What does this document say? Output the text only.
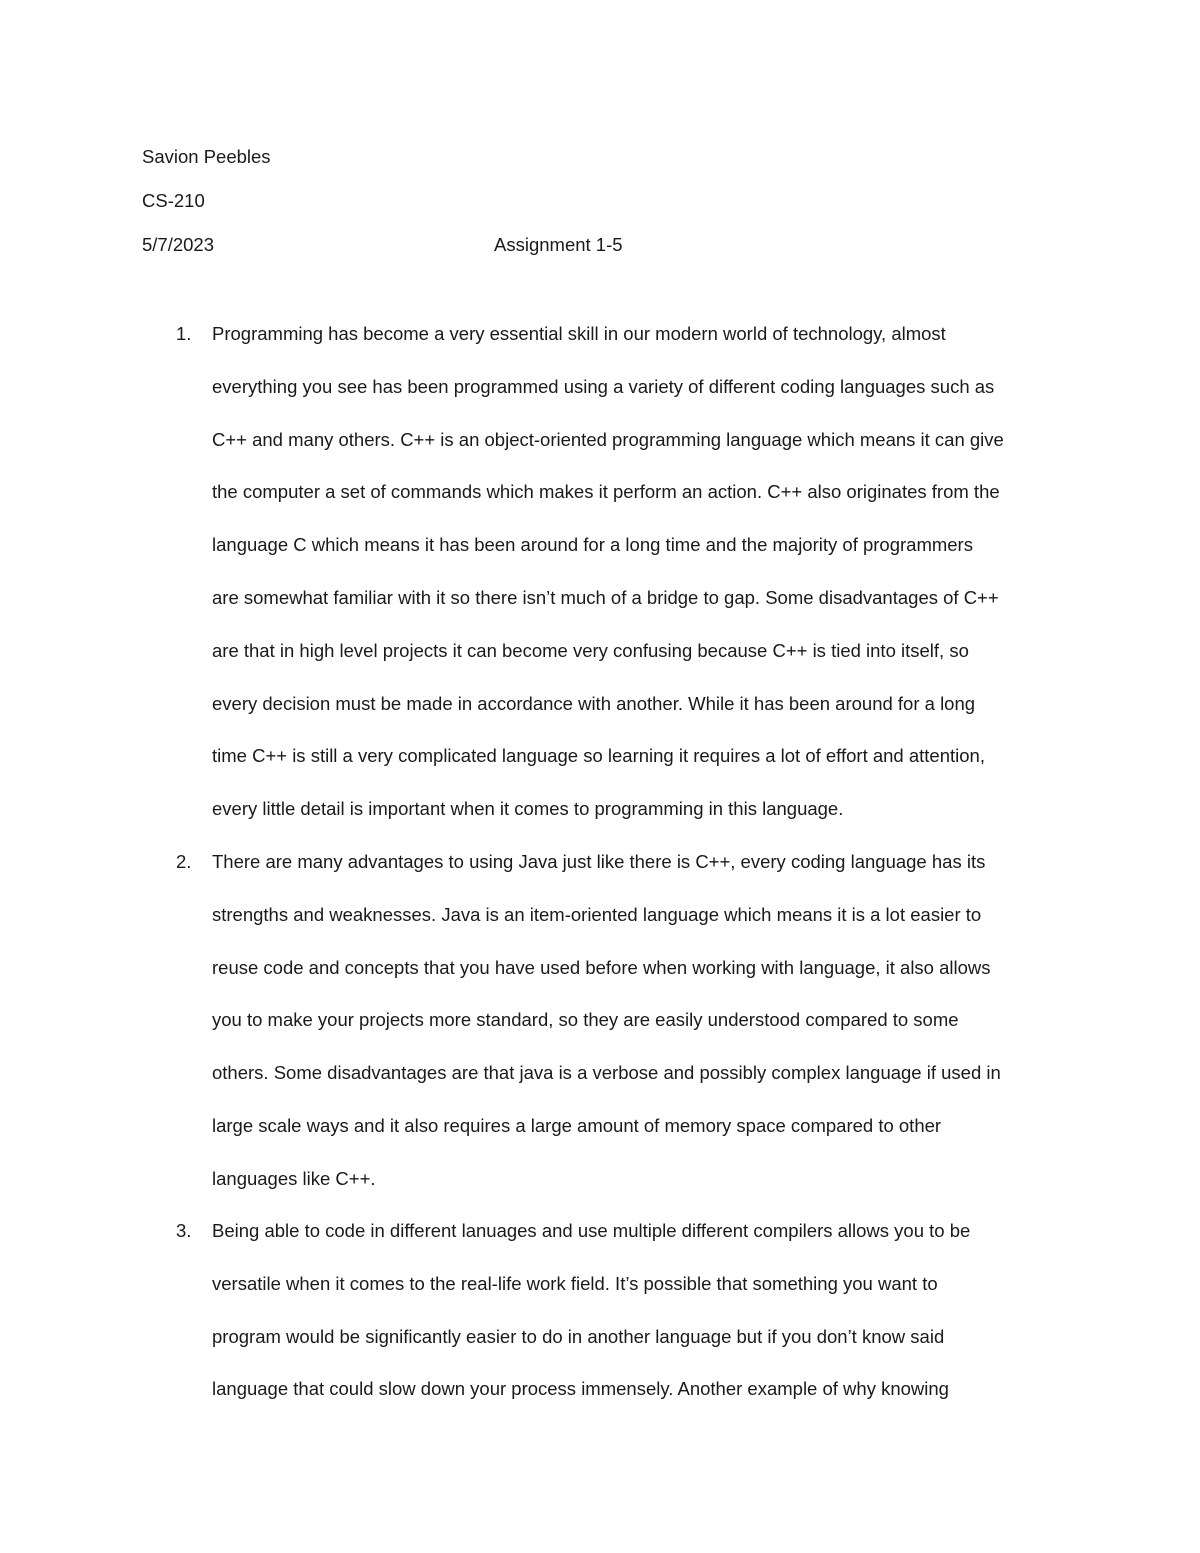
Savion Peebles
CS-210
5/7/2023	Assignment 1-5
1. Programming has become a very essential skill in our modern world of technology, almost
everything you see has been programmed using a variety of different coding languages such as
C++ and many others. C++ is an object-oriented programming language which means it can give
the computer a set of commands which makes it perform an action. C++ also originates from the
language C which means it has been around for a long time and the majority of programmers
are somewhat familiar with it so there isn’t much of a bridge to gap. Some disadvantages of C++
are that in high level projects it can become very confusing because C++ is tied into itself, so
every decision must be made in accordance with another. While it has been around for a long
time C++ is still a very complicated language so learning it requires a lot of effort and attention,
every little detail is important when it comes to programming in this language.
2. There are many advantages to using Java just like there is C++, every coding language has its
strengths and weaknesses. Java is an item-oriented language which means it is a lot easier to
reuse code and concepts that you have used before when working with language, it also allows
you to make your projects more standard, so they are easily understood compared to some
others. Some disadvantages are that java is a verbose and possibly complex language if used in
large scale ways and it also requires a large amount of memory space compared to other
languages like C++.
3. Being able to code in different lanuages and use multiple different compilers allows you to be
versatile when it comes to the real-life work field. It’s possible that something you want to
program would be significantly easier to do in another language but if you don’t know said
language that could slow down your process immensely. Another example of why knowing
